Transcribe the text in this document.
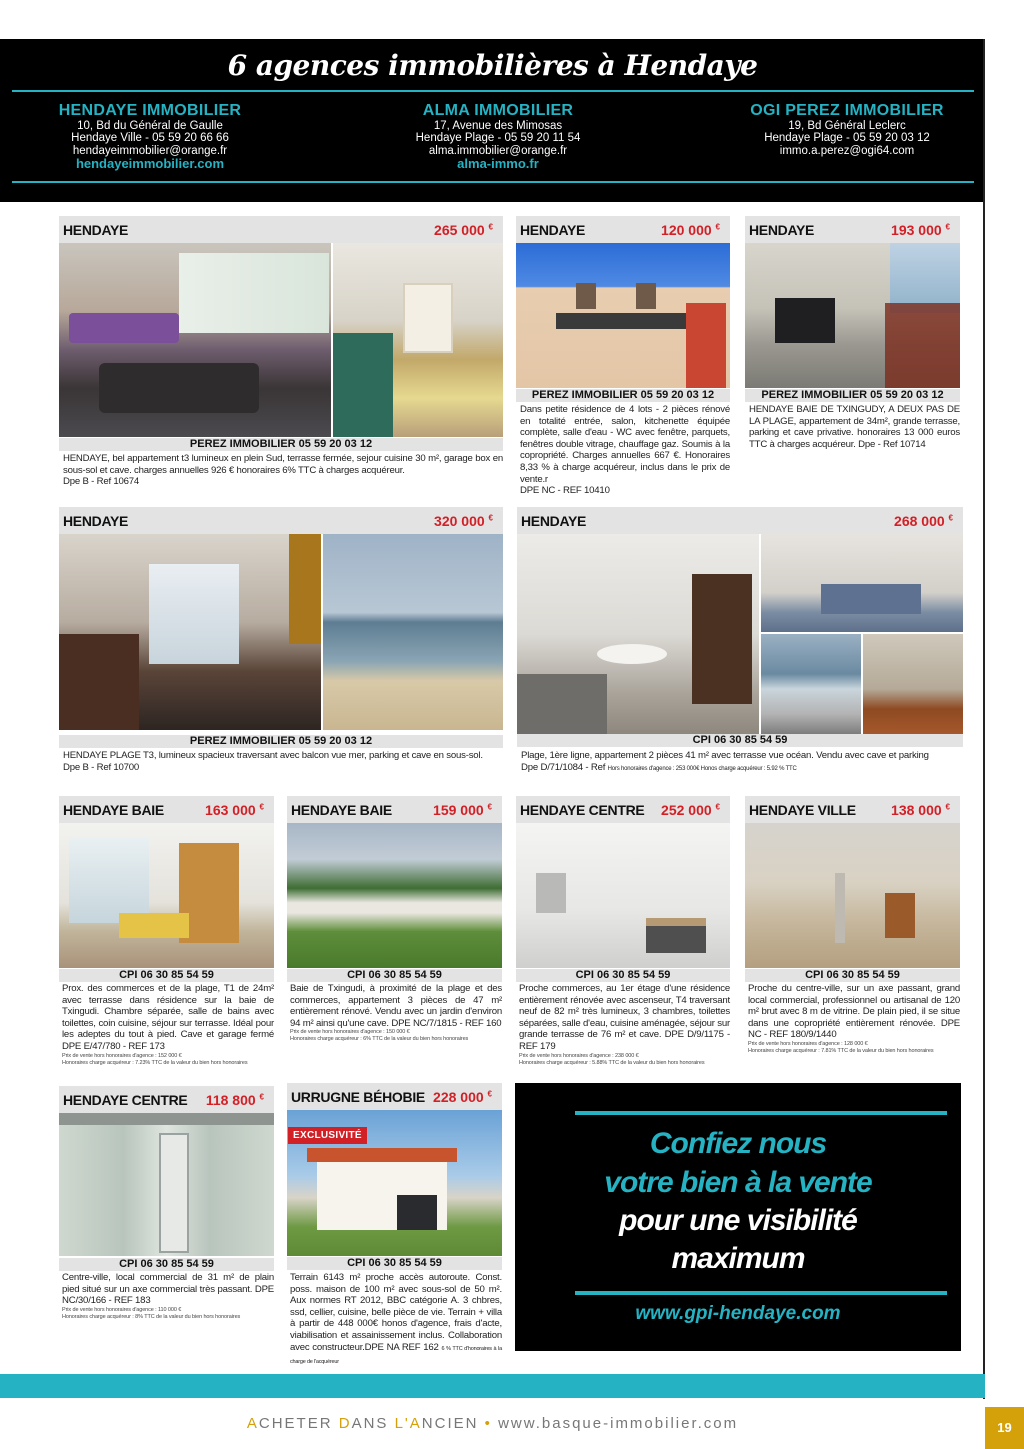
6 agences immobilières à Hendaye
HENDAYE IMMOBILIER
10, Bd du Général de Gaulle
Hendaye Ville - 05 59 20 66 66
hendayeimmobilier@orange.fr
hendayeimmobilier.com
ALMA IMMOBILIER
17, Avenue des Mimosas
Hendaye Plage - 05 59 20 11 54
alma.immobilier@orange.fr
alma-immo.fr
OGI PEREZ IMMOBILIER
19, Bd Général Leclerc
Hendaye Plage - 05 59 20 03 12
immo.a.perez@ogi64.com
HENDAYE	265 000 €
PEREZ IMMOBILIER 05 59 20 03 12
HENDAYE, bel appartement t3 lumineux en plein Sud, terrasse fermée, sejour cuisine 30 m², garage box en sous-sol et cave. charges annuelles 926 € honoraires 6% TTC à charges acquéreur.
Dpe B - Ref 10674
HENDAYE	120 000 €
PEREZ IMMOBILIER 05 59 20 03 12
Dans petite résidence de 4 lots - 2 pièces rénové en totalité entrée, salon, kitchenette équipée complète, salle d'eau - WC avec fenêtre, parquets, fenêtres double vitrage, chauffage gaz. Soumis à la copropriété. Charges annuelles 667 €. Honoraires 8,33 % à charge acquéreur, inclus dans le prix de vente.r
DPE NC - REF 10410
HENDAYE	193 000 €
PEREZ IMMOBILIER 05 59 20 03 12
HENDAYE BAIE DE TXINGUDY, A DEUX PAS DE LA PLAGE, appartement de 34m², grande terrasse, parking et cave privative. honoraires 13 000 euros TTC à charges acquéreur. Dpe - Ref 10714
HENDAYE	320 000 €
PEREZ IMMOBILIER 05 59 20 03 12
HENDAYE PLAGE T3, lumineux spacieux traversant avec balcon vue mer, parking et cave en sous-sol.
Dpe B - Ref 10700
HENDAYE	268 000 €
CPI 06 30 85 54 59
Plage, 1ère ligne, appartement 2 pièces 41 m² avec terrasse vue océan. Vendu avec cave et parking
Dpe D/71/1084 - Ref Hors honoraires d'agence : 253 000€ Honos charge acquéreur : 5.92 % TTC
HENDAYE BAIE	163 000 €
CPI 06 30 85 54 59
Prox. des commerces et de la plage, T1 de 24m² avec terrasse dans résidence sur la baie de Txingudi. Chambre séparée, salle de bains avec toilettes, coin cuisine, séjour sur terrasse. Idéal pour les adeptes du tout à pied. Cave et garage fermé DPE E/47/780 - REF 173
Prix de vente hors honoraires d'agence : 152 000 €
Honoraires charge acquéreur : 7.23% TTC de la valeur du bien hors honoraires
HENDAYE BAIE	159 000 €
CPI 06 30 85 54 59
Baie de Txingudi, à proximité de la plage et des commerces, appartement 3 pièces de 47 m² entièrement rénové. Vendu avec un jardin d'environ 94 m² ainsi qu'une cave. DPE NC/7/1815 - REF 160
Prix de vente hors honoraires d'agence : 150 000 €
Honoraires charge acquéreur : 6% TTC de la valeur du bien hors honoraires
HENDAYE CENTRE 252 000 €
CPI 06 30 85 54 59
Proche commerces, au 1er étage d'une résidence entièrement rénovée avec ascenseur, T4 traversant neuf de 82 m² très lumineux, 3 chambres, toilettes séparées, salle d'eau, cuisine aménagée, séjour sur grande terrasse de 76 m² et cave. DPE D/9/1175 - REF 179
Prix de vente hors honoraires d'agence : 238 000 €
Honoraires charge acquéreur : 5.88% TTC de la valeur du bien hors honoraires
HENDAYE VILLE	138 000 €
CPI 06 30 85 54 59
Proche du centre-ville, sur un axe passant, grand local commercial, professionnel ou artisanal de 120 m² brut avec 8 m de vitrine. De plain pied, il se situe dans une copropriété entièrement rénovée. DPE NC - REF 180/9/1440
Prix de vente hors honoraires d'agence : 128 000 €
Honoraires charge acquéreur : 7.81% TTC de la valeur du bien hors honoraires
HENDAYE CENTRE 118 800 €
CPI 06 30 85 54 59
Centre-ville, local commercial de 31 m² de plain pied situé sur un axe commercial très passant. DPE NC/30/166 - REF 183
Prix de vente hors honoraires d'agence : 110 000 €
Honoraires charge acquéreur : 8% TTC de la valeur du bien hors honoraires
URRUGNE BÉHOBIE 228 000 €
EXCLUSIVITÉ
CPI 06 30 85 54 59
Terrain 6143 m² proche accès autoroute. Const. poss. maison de 100 m² avec sous-sol de 50 m². Aux normes RT 2012, BBC catégorie A. 3 chbres, ssd, cellier, cuisine, belle pièce de vie. Terrain + villa à partir de 448 000€ honos d'agence, frais d'acte, viabilisation et assainissement inclus. Collaboration avec constructeur.DPE NA REF 162 6 % TTC d'honoraires à la charge de l'acquéreur
Confiez nous
votre bien à la vente
pour une visibilité
maximum
www.gpi-hendaye.com
ACHETER DANS L'ANCIEN • www.basque-immobilier.com	19
